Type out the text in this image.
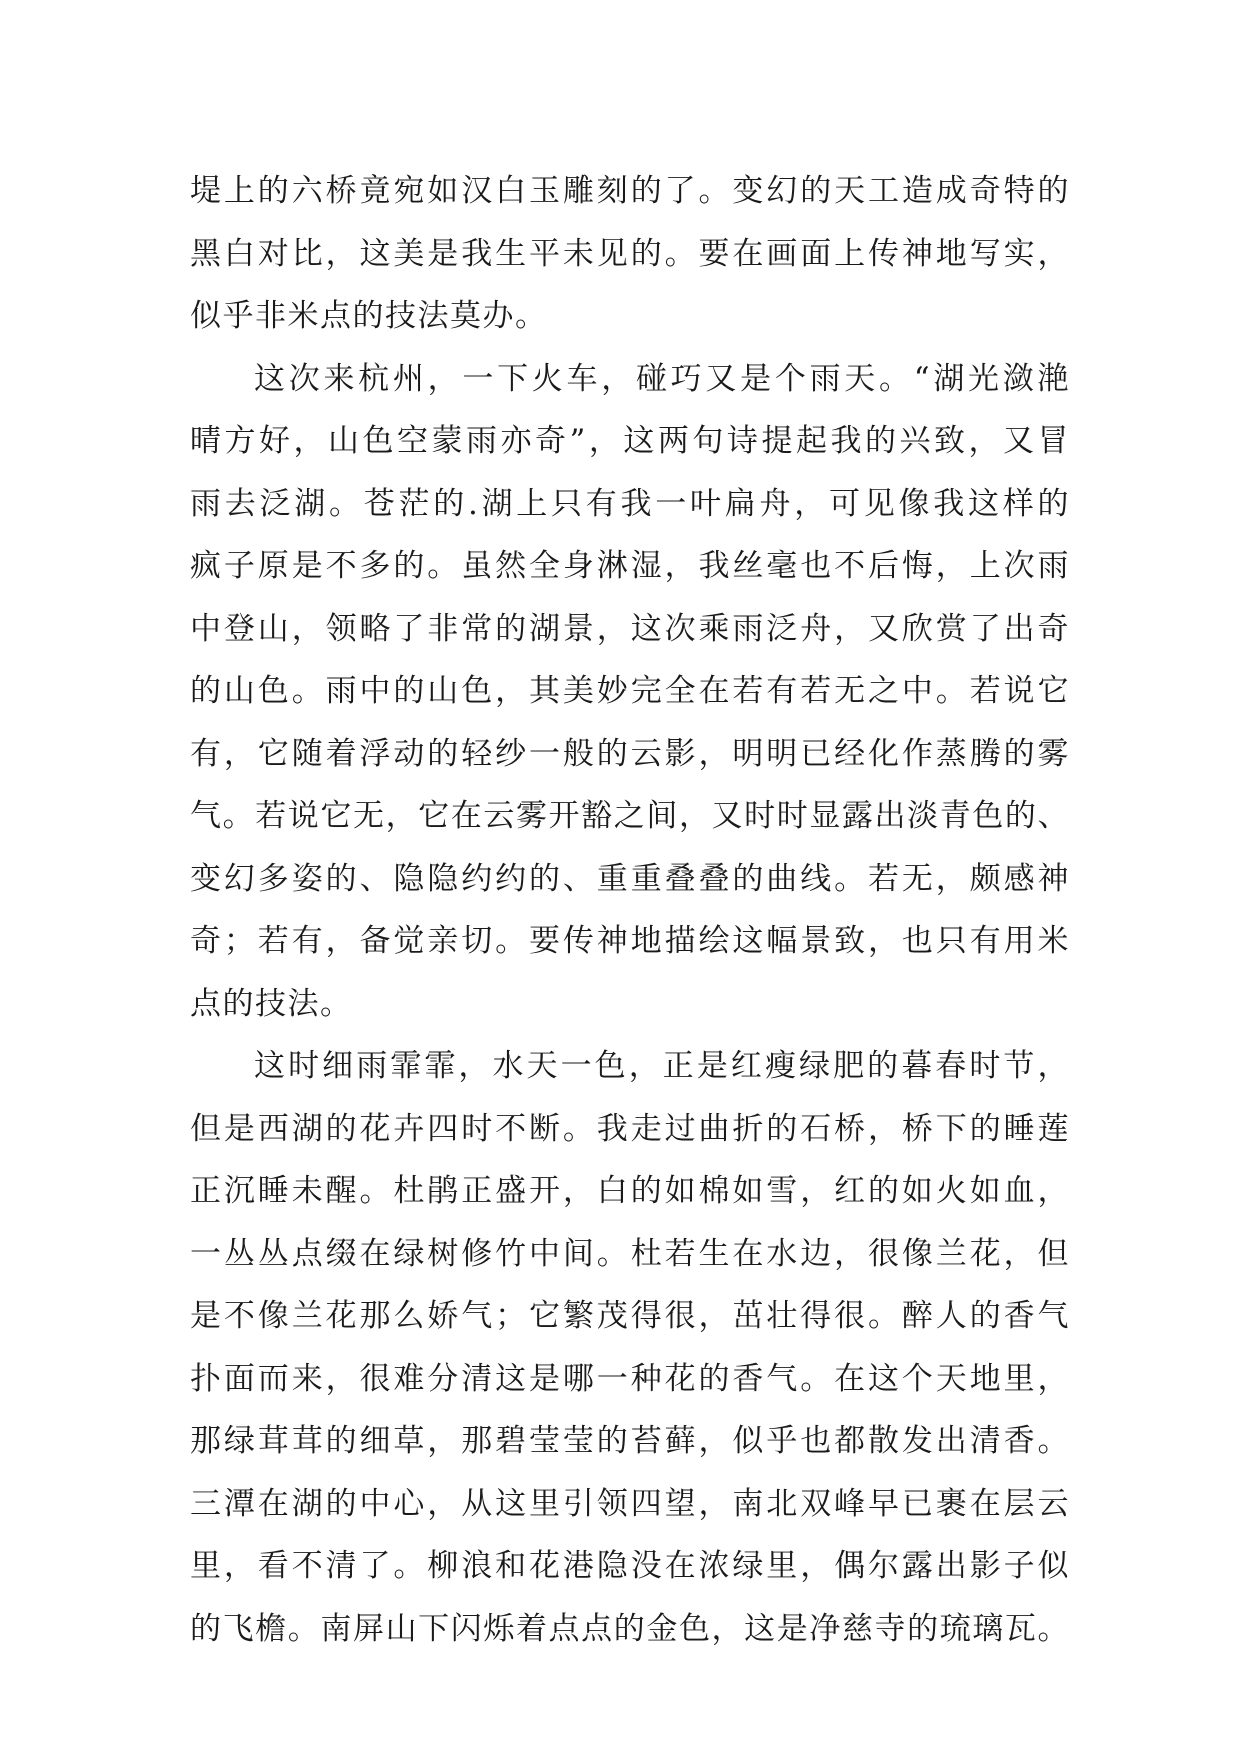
堤上的六桥竟宛如汉白玉雕刻的了。变幻的天工造成奇特的
黑白对比，这美是我生平未见的。要在画面上传神地写实，
似乎非米点的技法莫办。
这次来杭州，一下火车，碰巧又是个雨天。“湖光潋滟
晴方好，山色空蒙雨亦奇”，这两句诗提起我的兴致，又冒
雨去泛湖。苍茫的.湖上只有我一叶扁舟，可见像我这样的
疯子原是不多的。虽然全身淋湿，我丝毫也不后悔，上次雨
中登山，领略了非常的湖景，这次乘雨泛舟，又欣赏了出奇
的山色。雨中的山色，其美妙完全在若有若无之中。若说它
有，它随着浮动的轻纱一般的云影，明明已经化作蒸腾的雾
气。若说它无，它在云雾开豁之间，又时时显露出淡青色的、
变幻多姿的、隐隐约约的、重重叠叠的曲线。若无，颇感神
奇；若有，备觉亲切。要传神地描绘这幅景致，也只有用米
点的技法。
这时细雨霏霏，水天一色，正是红瘦绿肥的暮春时节，
但是西湖的花卉四时不断。我走过曲折的石桥，桥下的睡莲
正沉睡未醒。杜鹃正盛开，白的如棉如雪，红的如火如血，
一丛丛点缀在绿树修竹中间。杜若生在水边，很像兰花，但
是不像兰花那么娇气；它繁茂得很，茁壮得很。醉人的香气
扑面而来，很难分清这是哪一种花的香气。在这个天地里，
那绿茸茸的细草，那碧莹莹的苔藓，似乎也都散发出清香。
三潭在湖的中心，从这里引领四望，南北双峰早已裹在层云
里，看不清了。柳浪和花港隐没在浓绿里，偶尔露出影子似
的飞檐。南屏山下闪烁着点点的金色，这是净慈寺的琉璃瓦。
